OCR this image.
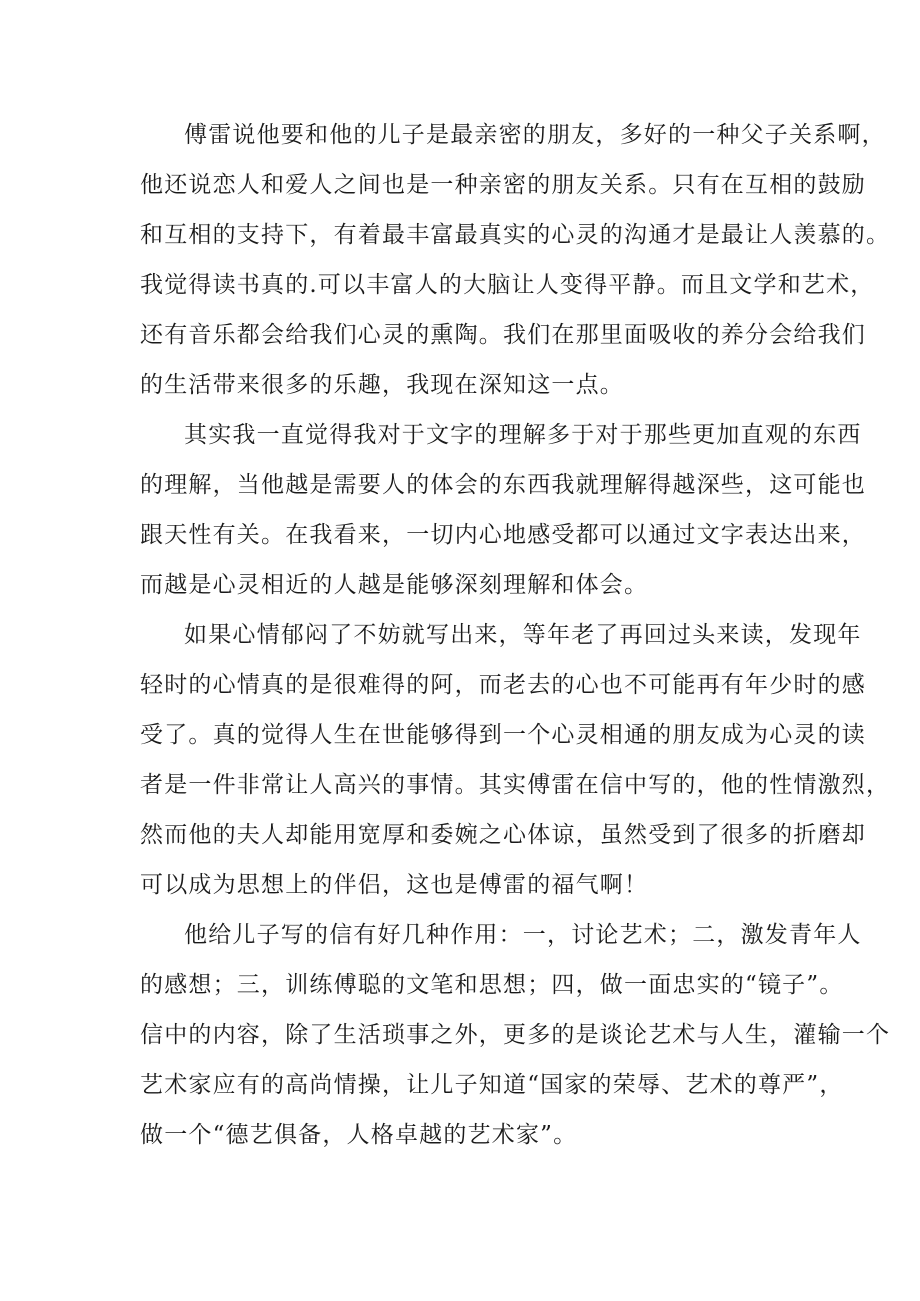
傅雷说他要和他的儿子是最亲密的朋友，多好的一种父子关系啊，
他还说恋人和爱人之间也是一种亲密的朋友关系。只有在互相的鼓励
和互相的支持下，有着最丰富最真实的心灵的沟通才是最让人羡慕的。
我觉得读书真的.可以丰富人的大脑让人变得平静。而且文学和艺术，
还有音乐都会给我们心灵的熏陶。我们在那里面吸收的养分会给我们
的生活带来很多的乐趣，我现在深知这一点。
其实我一直觉得我对于文字的理解多于对于那些更加直观的东西
的理解，当他越是需要人的体会的东西我就理解得越深些，这可能也
跟天性有关。在我看来，一切内心地感受都可以通过文字表达出来，
而越是心灵相近的人越是能够深刻理解和体会。
如果心情郁闷了不妨就写出来，等年老了再回过头来读，发现年
轻时的心情真的是很难得的阿，而老去的心也不可能再有年少时的感
受了。真的觉得人生在世能够得到一个心灵相通的朋友成为心灵的读
者是一件非常让人高兴的事情。其实傅雷在信中写的，他的性情激烈，
然而他的夫人却能用宽厚和委婉之心体谅，虽然受到了很多的折磨却
可以成为思想上的伴侣，这也是傅雷的福气啊！
他给儿子写的信有好几种作用：一，讨论艺术；二，激发青年人
的感想；三，训练傅聪的文笔和思想；四，做一面忠实的“镜子”。
信中的内容，除了生活琐事之外，更多的是谈论艺术与人生，灌输一个
艺术家应有的高尚情操，让儿子知道“国家的荣辱、艺术的尊严”，
做一个“德艺俱备，人格卓越的艺术家”。
